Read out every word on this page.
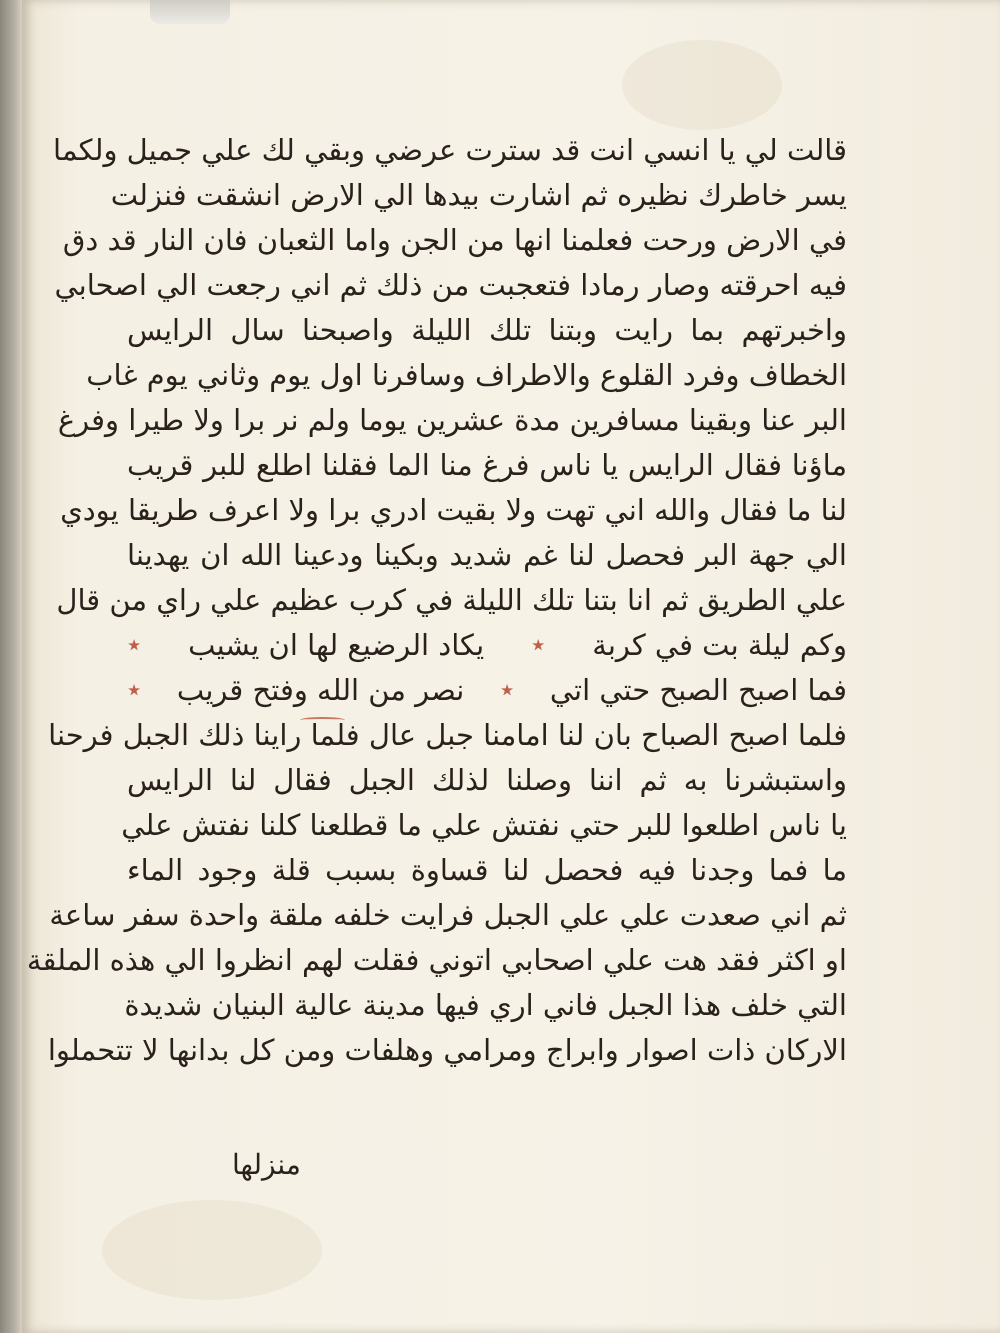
قالت لي يا انسي انت قد سترت عرضي وبقي لك علي جميل ولكما
يسر خاطرك نظيره ثم اشارت بيدها الي الارض انشقت فنزلت
في الارض ورحت فعلمنا انها من الجن واما الثعبان فان النار قد دق
فيه احرقته وصار رمادا فتعجبت من ذلك ثم اني رجعت الي اصحابي
واخبرتهم بما رايت وبتنا تلك الليلة واصبحنا سال الرايس
الخطاف وفرد القلوع والاطراف وسافرنا اول يوم وثاني يوم غاب
البر عنا وبقينا مسافرين مدة عشرين يوما ولم نر برا ولا طيرا وفرغ
ماؤنا فقال الرايس يا ناس فرغ منا الما فقلنا اطلع للبر قريب
لنا ما فقال والله اني تهت ولا بقيت ادري برا ولا اعرف طريقا يودي
الي جهة البر فحصل لنا غم شديد وبكينا ودعينا الله ان يهدينا
علي الطريق ثم انا بتنا تلك الليلة في كرب عظيم علي راي من قال
وكم ليلة بت في كربة
٭
يكاد الرضيع لها ان يشيب
٭
فما اصبح الصبح حتي اتي
٭
نصر من الله وفتح قريب
٭
فلما اصبح الصباح بان لنا امامنا جبل عال فلما راينا ذلك الجبل فرحنا
واستبشرنا به ثم اننا وصلنا لذلك الجبل فقال لنا الرايس
يا ناس اطلعوا للبر حتي نفتش علي ما قطلعنا كلنا نفتش علي
ما فما وجدنا فيه فحصل لنا قساوة بسبب قلة وجود الماء
ثم اني صعدت علي علي الجبل فرايت خلفه ملقة واحدة سفر ساعة
او اكثر فقد هت علي اصحابي اتوني فقلت لهم انظروا الي هذه الملقة
التي خلف هذا الجبل فاني اري فيها مدينة عالية البنيان شديدة
الاركان ذات اصوار وابراج ومرامي وهلفات ومن كل بدانها لا تتحملوا
منزلها
